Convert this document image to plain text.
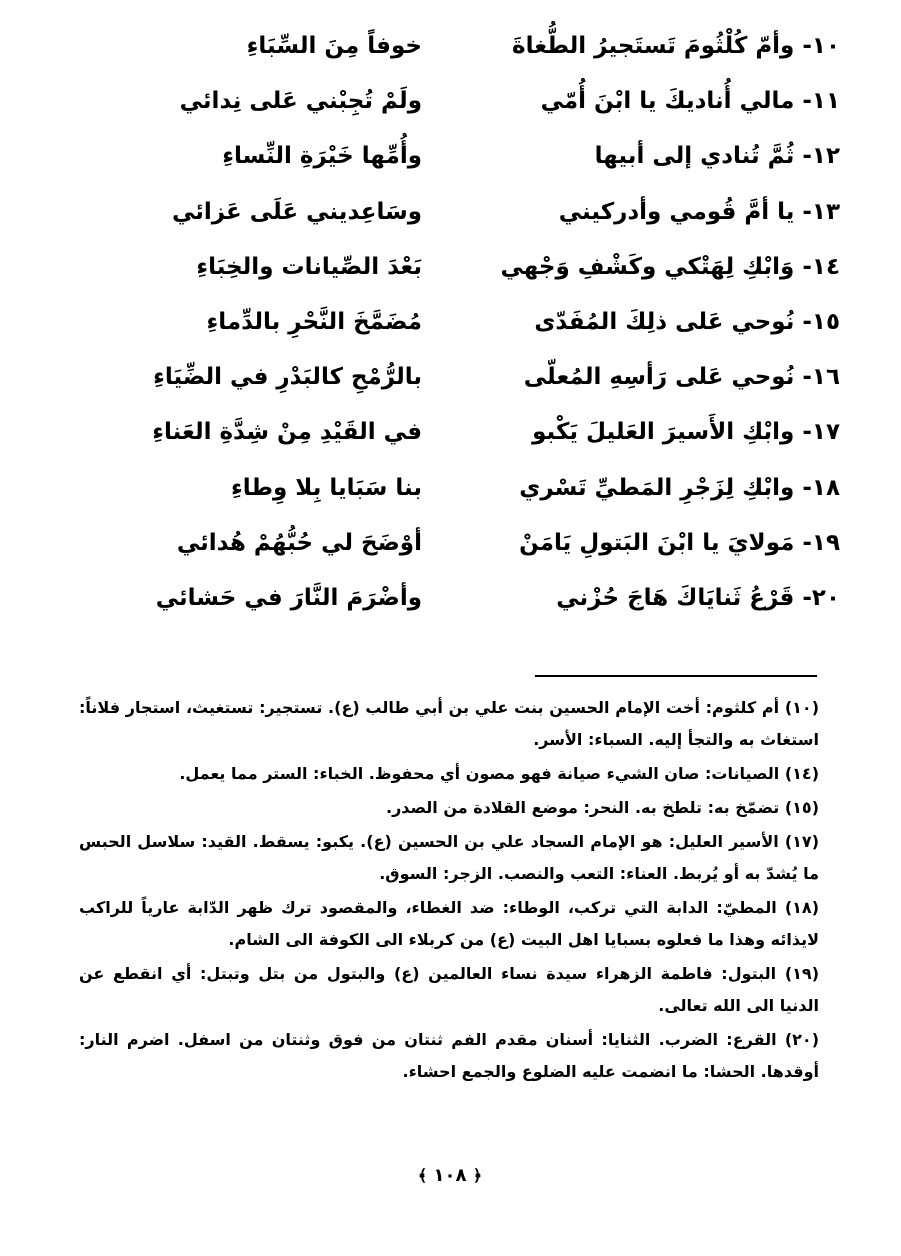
١٠- وأمّ كُلْثُومَ تَستَجيرُ الطُّغاةَ
خوفاً مِنَ السِّبَاءِ
١١- مالي أُناديكَ يا ابْنَ أُمّي
ولَمْ تُجِبْني عَلى نِدائي
١٢- ثُمَّ تُنادي إلى أبيها
وأُمِّها خَيْرَةِ النِّساءِ
١٣- يا أمَّ قُومي وأدركيني
وسَاعِديني عَلَى عَزائي
١٤- وَابْكِ لِهَتْكي وكَشْفِ وَجْهي
بَعْدَ الصِّيانات والخِبَاءِ
١٥- نُوحي عَلى ذلِكَ المُفَدّى
مُضَمَّخَ النَّحْرِ بالدِّماءِ
١٦- نُوحي عَلى رَأسِهِ المُعلّى
بالرُّمْحِ كالبَدْرِ في الضِّيَاءِ
١٧- وابْكِ الأَسيرَ العَليلَ يَكْبو
في القَيْدِ مِنْ شِدَّةِ العَناءِ
١٨- وابْكِ لِزَجْرِ المَطيِّ تَسْري
بنا سَبَايا بِلا وِطاءِ
١٩- مَولايَ يا ابْنَ البَتولِ يَامَنْ
أوْضَحَ لي حُبُّهُمْ هُدائي
٢٠- قَرْعُ ثَنايَاكَ هَاجَ حُزْني
وأضْرَمَ النَّارَ في حَشائي

(١٠) أم كلثوم: أخت الإمام الحسين بنت علي بن أبي طالب (ع). تستجير: تستغيث، استجار فلاناً: استغاث به والتجأ إليه. السباء: الأسر.

(١٤) الصيانات: صان الشيء صيانة فهو مصون أي محفوظ. الخباء: الستر مما يعمل.

(١٥) تضمّخ به: تلطخ به. النحر: موضع القلادة من الصدر.

(١٧) الأسير العليل: هو الإمام السجاد علي بن الحسين (ع). يكبو: يسقط. القيد: سلاسل الحبس ما يُشدّ به أو يُربط. العناء: التعب والنصب. الزجر: السوق.

(١٨) المطيّ: الدابة التي تركب، الوطاء: ضد الغطاء، والمقصود ترك ظهر الدّابة عارياً للراكب لايذائه وهذا ما فعلوه بسبايا اهل البيت (ع) من كربلاء الى الكوفة الى الشام.

(١٩) البتول: فاطمة الزهراء سيدة نساء العالمين (ع) والبتول من بتل وتبتل: أي انقطع عن الدنيا الى الله تعالى.

(٢٠) القرع: الضرب. الثنايا: أسنان مقدم الفم ثنتان من فوق وثنتان من اسفل. اضرم النار: أوقدها. الحشا: ما انضمت عليه الضلوع والجمع احشاء.

﴿ ١٠٨ ﴾
